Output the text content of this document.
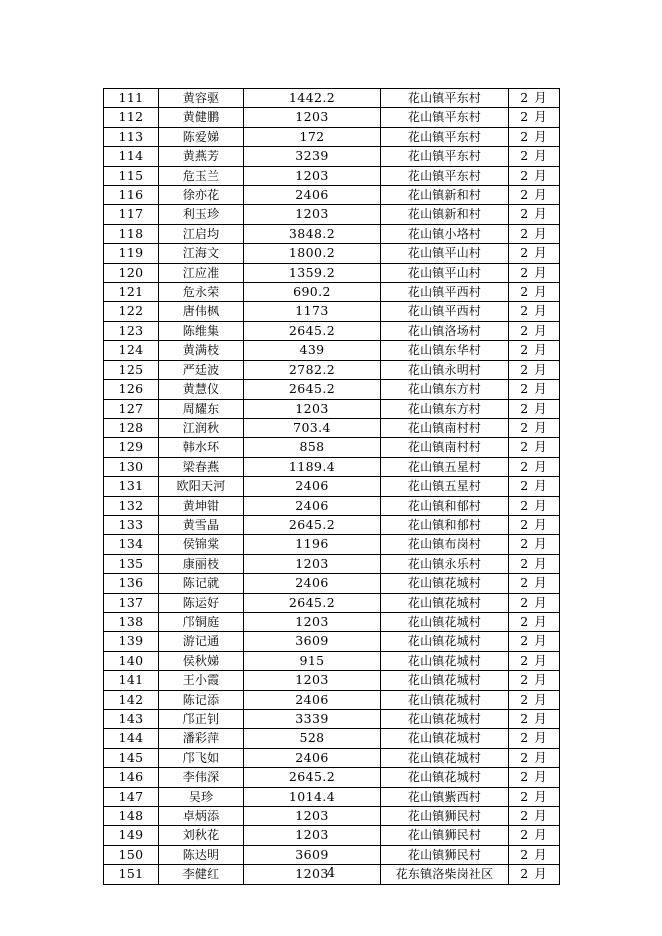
111	黄容驱	1442.2	花山镇平东村	2 月
112	黄健鹏	1203	花山镇平东村	2 月
113	陈爱娣	172	花山镇平东村	2 月
114	黄燕芳	3239	花山镇平东村	2 月
115	危玉兰	1203	花山镇平东村	2 月
116	徐亦花	2406	花山镇新和村	2 月
117	利玉珍	1203	花山镇新和村	2 月
118	江启均	3848.2	花山镇小垎村	2 月
119	江海文	1800.2	花山镇平山村	2 月
120	江应准	1359.2	花山镇平山村	2 月
121	危永荣	690.2	花山镇平西村	2 月
122	唐伟枫	1173	花山镇平西村	2 月
123	陈维集	2645.2	花山镇洛场村	2 月
124	黄满枝	439	花山镇东华村	2 月
125	严廷波	2782.2	花山镇永明村	2 月
126	黄慧仪	2645.2	花山镇东方村	2 月
127	周耀东	1203	花山镇东方村	2 月
128	江润秋	703.4	花山镇南村村	2 月
129	韩水环	858	花山镇南村村	2 月
130	梁春燕	1189.4	花山镇五星村	2 月
131	欧阳天河	2406	花山镇五星村	2 月
132	黄坤钳	2406	花山镇和郁村	2 月
133	黄雪晶	2645.2	花山镇和郁村	2 月
134	侯锦棠	1196	花山镇布岗村	2 月
135	康丽枝	1203	花山镇永乐村	2 月
136	陈记就	2406	花山镇花城村	2 月
137	陈运好	2645.2	花山镇花城村	2 月
138	邝铜庭	1203	花山镇花城村	2 月
139	游记通	3609	花山镇花城村	2 月
140	侯秋娣	915	花山镇花城村	2 月
141	王小霞	1203	花山镇花城村	2 月
142	陈记添	2406	花山镇花城村	2 月
143	邝正钊	3339	花山镇花城村	2 月
144	潘彩萍	528	花山镇花城村	2 月
145	邝飞如	2406	花山镇花城村	2 月
146	李伟深	2645.2	花山镇花城村	2 月
147	吴珍	1014.4	花山镇紫西村	2 月
148	卓炳添	1203	花山镇狮民村	2 月
149	刘秋花	1203	花山镇狮民村	2 月
150	陈达明	3609	花山镇狮民村	2 月
151	李健红	1203	花东镇洛柴岗社区	2 月
4
